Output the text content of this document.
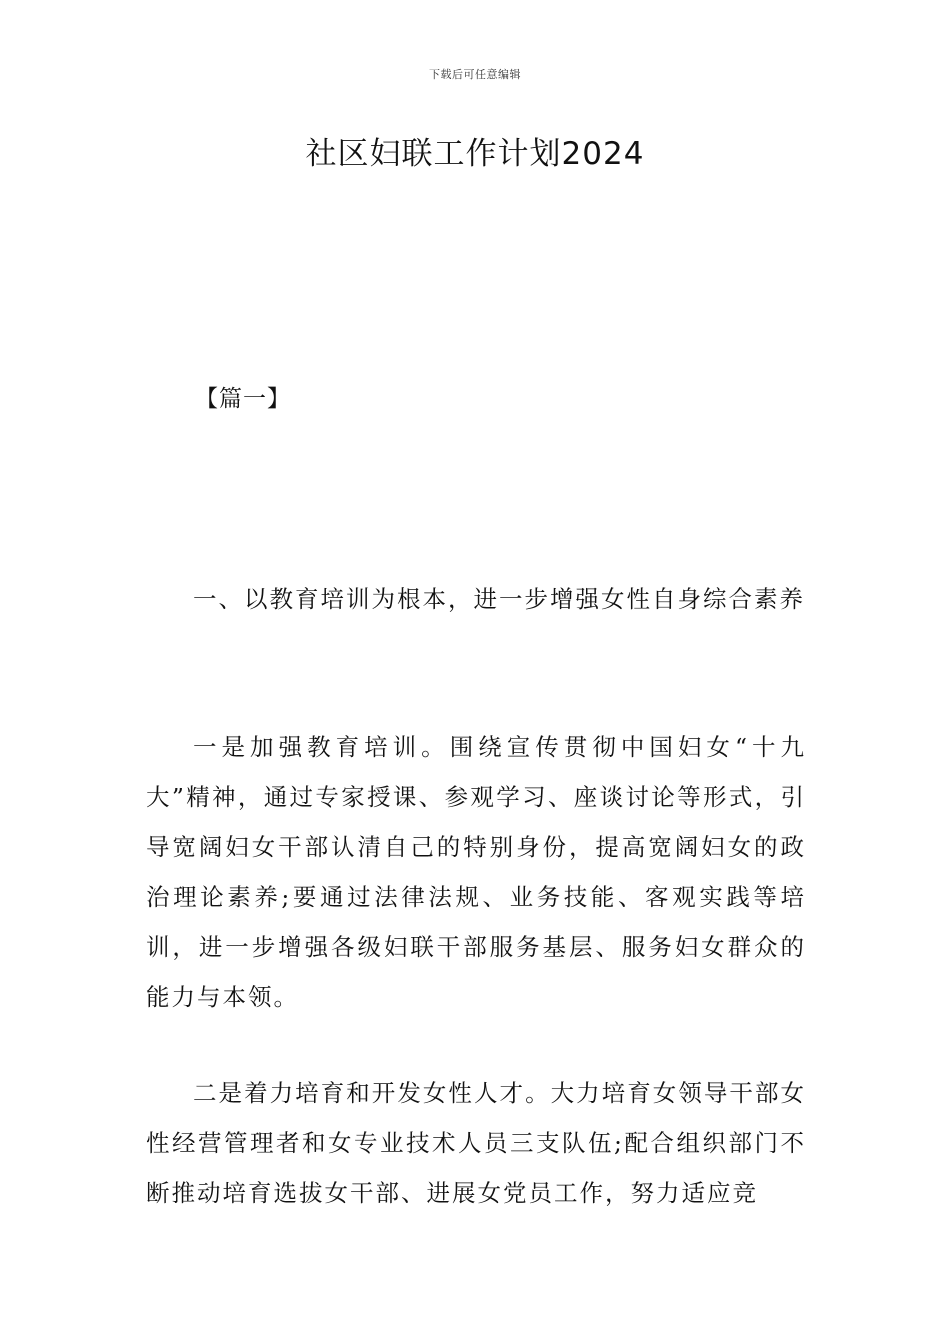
下载后可任意编辑
社区妇联工作计划2024
【篇一】

一、以教育培训为根本，进一步增强女性自身综合素养

一是加强教育培训。围绕宣传贯彻中国妇女“十九大”精神，通过专家授课、参观学习、座谈讨论等形式，引导宽阔妇女干部认清自己的特别身份，提高宽阔妇女的政治理论素养;要通过法律法规、业务技能、客观实践等培训，进一步增强各级妇联干部服务基层、服务妇女群众的能力与本领。

二是着力培育和开发女性人才。大力培育女领导干部女性经营管理者和女专业技术人员三支队伍;配合组织部门不断推动培育选拔女干部、进展女党员工作，努力适应竞
